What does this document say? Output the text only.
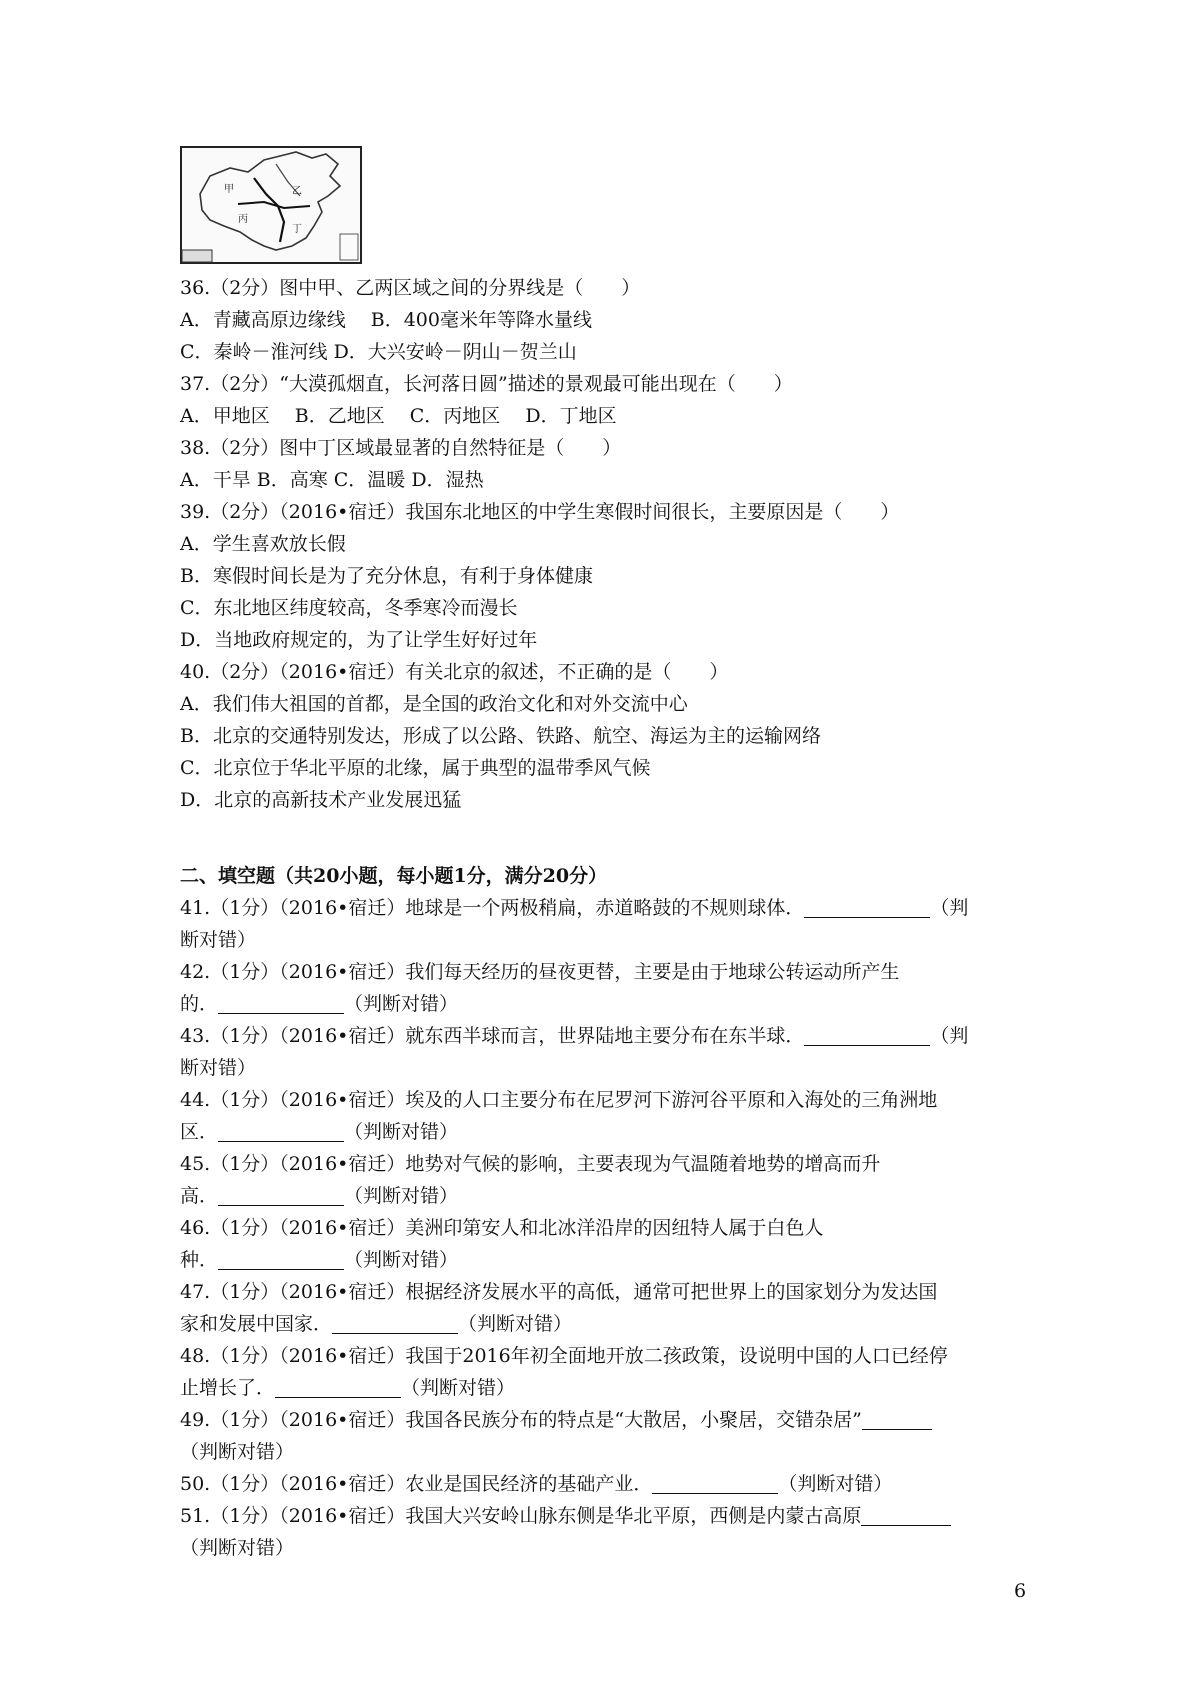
甲	乙
丙
丁
36.（2分）图中甲、乙两区域之间的分界线是（　　）
A．青藏高原边缘线　 B．400毫米年等降水量线
C．秦岭－淮河线 D．大兴安岭－阴山－贺兰山
37.（2分）“大漠孤烟直，长河落日圆”描述的景观最可能出现在（　　）
A．甲地区　 B．乙地区　 C．丙地区　 D．丁地区
38.（2分）图中丁区域最显著的自然特征是（　　）
A．干旱 B．高寒 C．温暖 D．湿热
39.（2分）（2016•宿迁）我国东北地区的中学生寒假时间很长，主要原因是（　　）
A．学生喜欢放长假
B．寒假时间长是为了充分休息，有利于身体健康
C．东北地区纬度较高，冬季寒冷而漫长
D．当地政府规定的，为了让学生好好过年
40.（2分）（2016•宿迁）有关北京的叙述，不正确的是（　　）
A．我们伟大祖国的首都，是全国的政治文化和对外交流中心
B．北京的交通特别发达，形成了以公路、铁路、航空、海运为主的运输网络
C．北京位于华北平原的北缘，属于典型的温带季风气候
D．北京的高新技术产业发展迅猛
二、填空题（共20小题，每小题1分，满分20分）
41.（1分）（2016•宿迁）地球是一个两极稍扁，赤道略鼓的不规则球体．	（判
断对错）
42.（1分）（2016•宿迁）我们每天经历的昼夜更替，主要是由于地球公转运动所产生
的．	（判断对错）
43.（1分）（2016•宿迁）就东西半球而言，世界陆地主要分布在东半球．	（判
断对错）
44.（1分）（2016•宿迁）埃及的人口主要分布在尼罗河下游河谷平原和入海处的三角洲地
区．	（判断对错）
45.（1分）（2016•宿迁）地势对气候的影响，主要表现为气温随着地势的增高而升
高．	（判断对错）
46.（1分）（2016•宿迁）美洲印第安人和北冰洋沿岸的因纽特人属于白色人
种．	（判断对错）
47.（1分）（2016•宿迁）根据经济发展水平的高低，通常可把世界上的国家划分为发达国
家和发展中国家．	（判断对错）
48.（1分）（2016•宿迁）我国于2016年初全面地开放二孩政策，设说明中国的人口已经停
止增长了．	（判断对错）
49.（1分）（2016•宿迁）我国各民族分布的特点是“大散居，小聚居，交错杂居”
（判断对错）
50.（1分）（2016•宿迁）农业是国民经济的基础产业．	（判断对错）
51.（1分）（2016•宿迁）我国大兴安岭山脉东侧是华北平原，西侧是内蒙古高原
（判断对错）
6
